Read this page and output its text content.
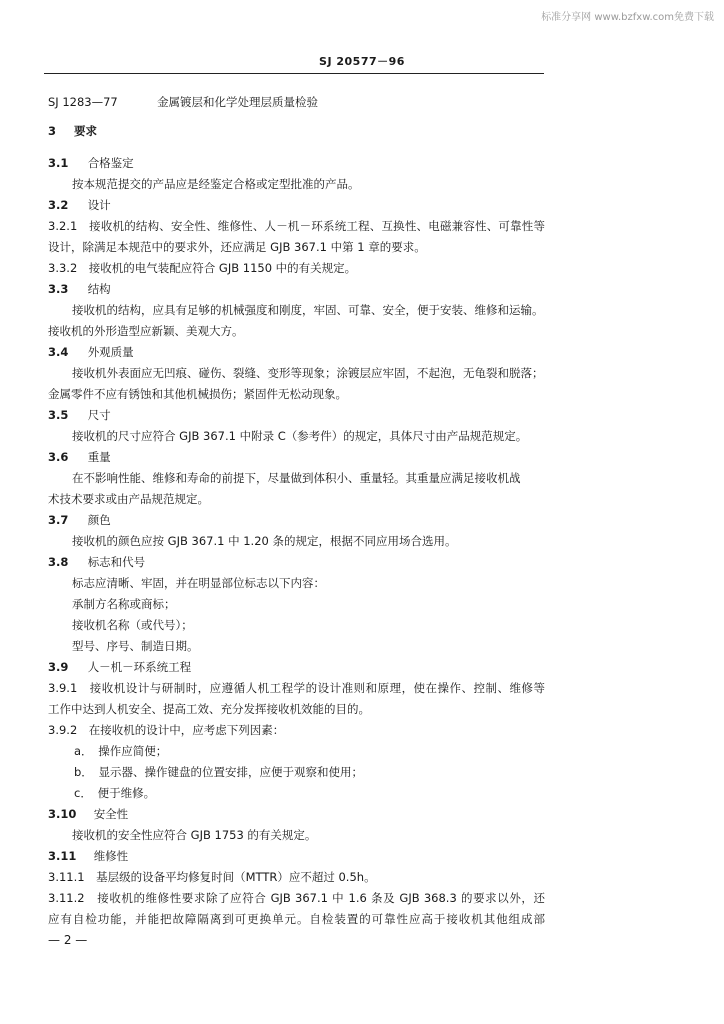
标准分享网 www.bzfxw.com免费下载
SJ 20577－96
SJ 1283—77	金属镀层和化学处理层质量检验
3 要求
3.1 合格鉴定
按本规范提交的产品应是经鉴定合格或定型批准的产品。
3.2 设计
3.2.1　接收机的结构、安全性、维修性、人－机－环系统工程、互换性、电磁兼容性、可靠性等
设计，除满足本规范中的要求外，还应满足 GJB 367.1 中第 1 章的要求。
3.3.2　接收机的电气装配应符合 GJB 1150 中的有关规定。
3.3 结构
接收机的结构，应具有足够的机械强度和刚度，牢固、可靠、安全，便于安装、维修和运输。
接收机的外形造型应新颖、美观大方。
3.4 外观质量
接收机外表面应无凹痕、碰伤、裂缝、变形等现象；涂镀层应牢固，不起泡，无龟裂和脱落；
金属零件不应有锈蚀和其他机械损伤；紧固件无松动现象。
3.5 尺寸
接收机的尺寸应符合 GJB 367.1 中附录 C（参考件）的规定，具体尺寸由产品规范规定。
3.6 重量
在不影响性能、维修和寿命的前提下，尽量做到体积小、重量轻。其重量应满足接收机战
术技术要求或由产品规范规定。
3.7 颜色
接收机的颜色应按 GJB 367.1 中 1.20 条的规定，根据不同应用场合选用。
3.8 标志和代号
标志应清晰、牢固，并在明显部位标志以下内容：
承制方名称或商标；
接收机名称（或代号）；
型号、序号、制造日期。
3.9 人－机－环系统工程
3.9.1　接收机设计与研制时，应遵循人机工程学的设计准则和原理，使在操作、控制、维修等
工作中达到人机安全、提高工效、充分发挥接收机效能的目的。
3.9.2　在接收机的设计中，应考虑下列因素：
a．　操作应简便；
b．　显示器、操作键盘的位置安排，应便于观察和使用；
c．　便于维修。
3.10 安全性
接收机的安全性应符合 GJB 1753 的有关规定。
3.11 维修性
3.11.1　基层级的设备平均修复时间（MTTR）应不超过 0.5h。
3.11.2　接收机的维修性要求除了应符合 GJB 367.1 中 1.6 条及 GJB 368.3 的要求以外，还
应有自检功能，并能把故障隔离到可更换单元。自检装置的可靠性应高于接收机其他组成部
— 2 —
